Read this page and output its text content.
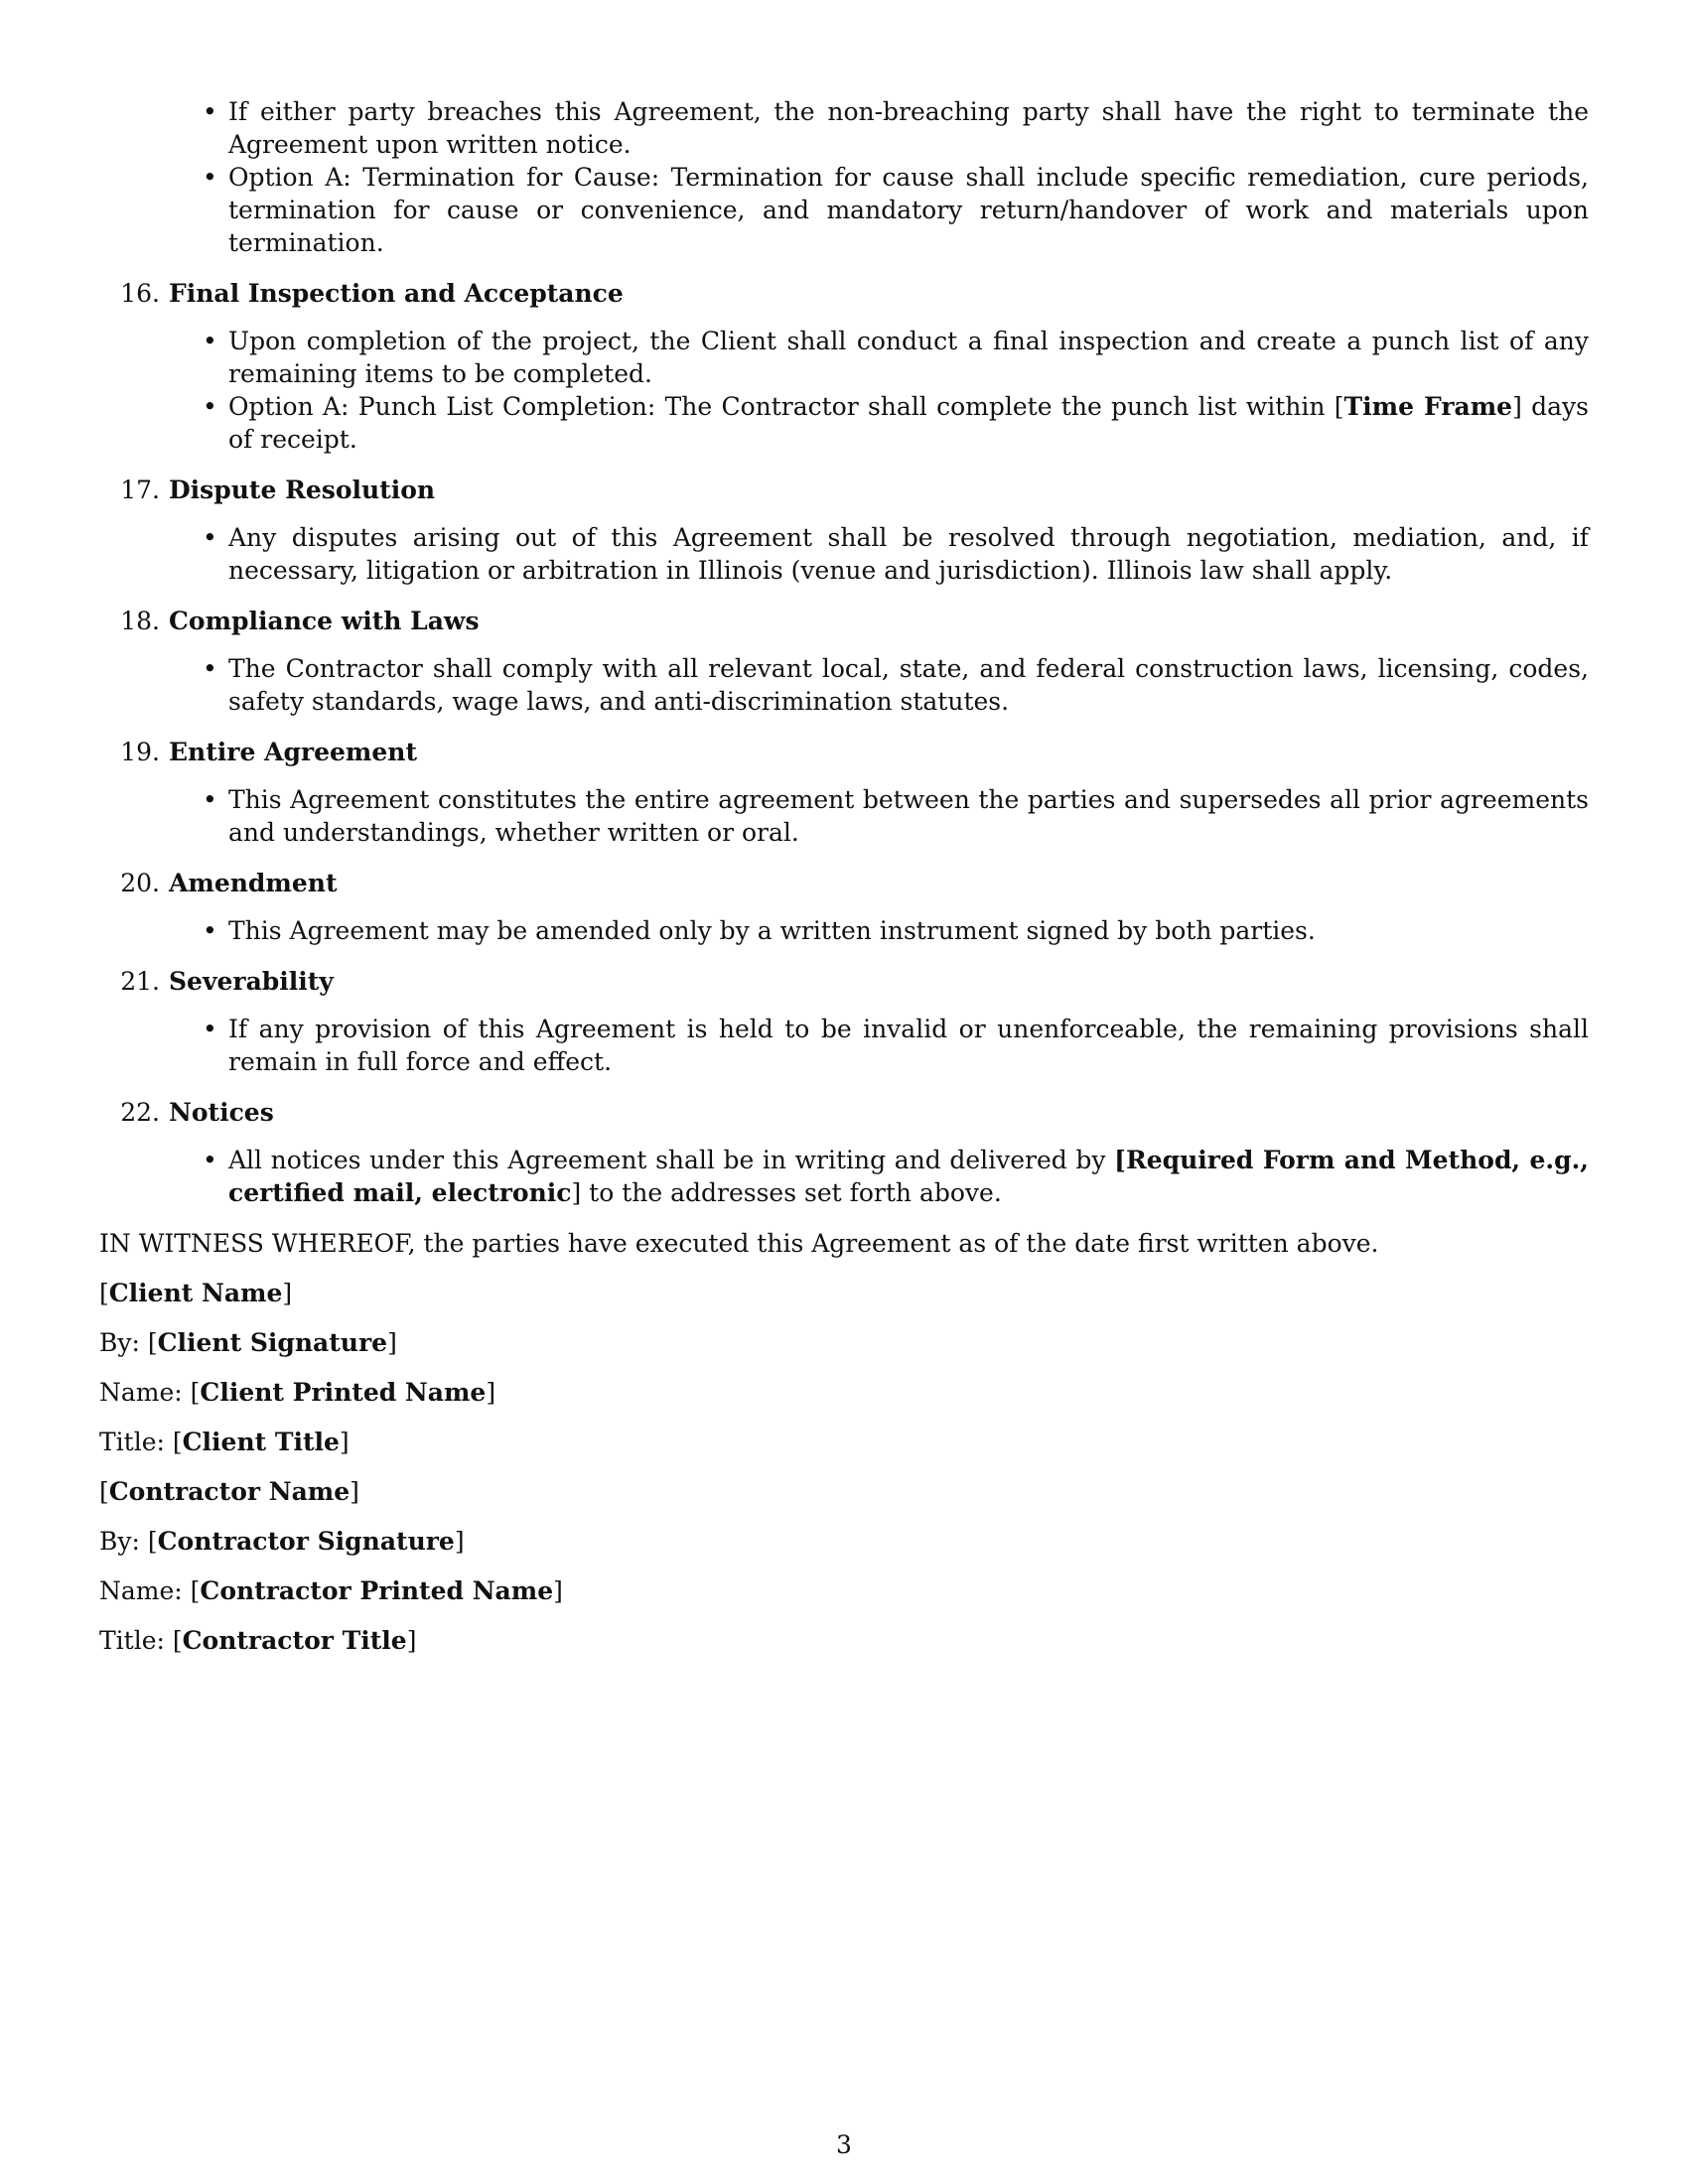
• If either party breaches this Agreement, the non-breaching party shall have the right to terminate the Agreement upon written notice.
• Option A: Termination for Cause: Termination for cause shall include specific remediation, cure periods, termination for cause or convenience, and mandatory return/handover of work and materials upon termination.
16. Final Inspection and Acceptance
• Upon completion of the project, the Client shall conduct a final inspection and create a punch list of any remaining items to be completed.
• Option A: Punch List Completion: The Contractor shall complete the punch list within [Time Frame] days of receipt.
17. Dispute Resolution
• Any disputes arising out of this Agreement shall be resolved through negotiation, mediation, and, if necessary, litigation or arbitration in Illinois (venue and jurisdiction). Illinois law shall apply.
18. Compliance with Laws
• The Contractor shall comply with all relevant local, state, and federal construction laws, licensing, codes, safety standards, wage laws, and anti-discrimination statutes.
19. Entire Agreement
• This Agreement constitutes the entire agreement between the parties and supersedes all prior agreements and understandings, whether written or oral.
20. Amendment
• This Agreement may be amended only by a written instrument signed by both parties.
21. Severability
• If any provision of this Agreement is held to be invalid or unenforceable, the remaining provisions shall remain in full force and effect.
22. Notices
• All notices under this Agreement shall be in writing and delivered by [Required Form and Method, e.g., certified mail, electronic] to the addresses set forth above.
IN WITNESS WHEREOF, the parties have executed this Agreement as of the date first written above.
[Client Name]
By: [Client Signature]
Name: [Client Printed Name]
Title: [Client Title]
[Contractor Name]
By: [Contractor Signature]
Name: [Contractor Printed Name]
Title: [Contractor Title]
3
